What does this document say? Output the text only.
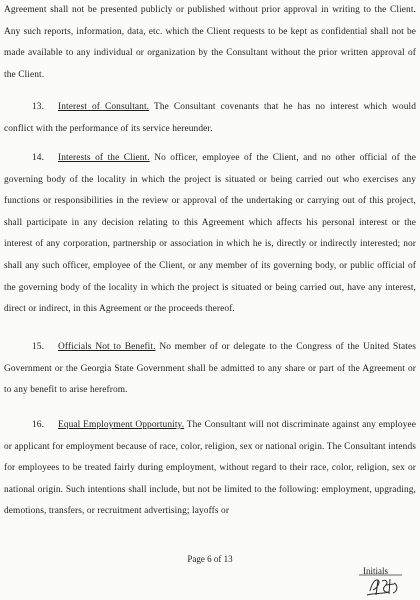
Agreement shall not be presented publicly or published without prior approval in writing to the Client. Any such reports, information, data, etc. which the Client requests to be kept as confidential shall not be made available to any individual or organization by the Consultant without the prior written approval of the Client.

13. Interest of Consultant. The Consultant covenants that he has no interest which would conflict with the performance of its service hereunder.

14. Interests of the Client. No officer, employee of the Client, and no other official of the governing body of the locality in which the project is situated or being carried out who exercises any functions or responsibilities in the review or approval of the undertaking or carrying out of this project, shall participate in any decision relating to this Agreement which affects his personal interest or the interest of any corporation, partnership or association in which he is, directly or indirectly interested; nor shall any such officer, employee of the Client, or any member of its governing body, or public official of the governing body of the locality in which the project is situated or being carried out, have any interest, direct or indirect, in this Agreement or the proceeds thereof.

15. Officials Not to Benefit. No member of or delegate to the Congress of the United States Government or the Georgia State Government shall be admitted to any share or part of the Agreement or to any benefit to arise herefrom.

16. Equal Employment Opportunity. The Consultant will not discriminate against any employee or applicant for employment because of race, color, religion, sex or national origin. The Consultant intends for employees to be treated fairly during employment, without regard to their race, color, religion, sex or national origin. Such intentions shall include, but not be limited to the following: employment, upgrading, demotions, transfers, or recruitment advertising; layoffs or

Page 6 of 13
Initials
